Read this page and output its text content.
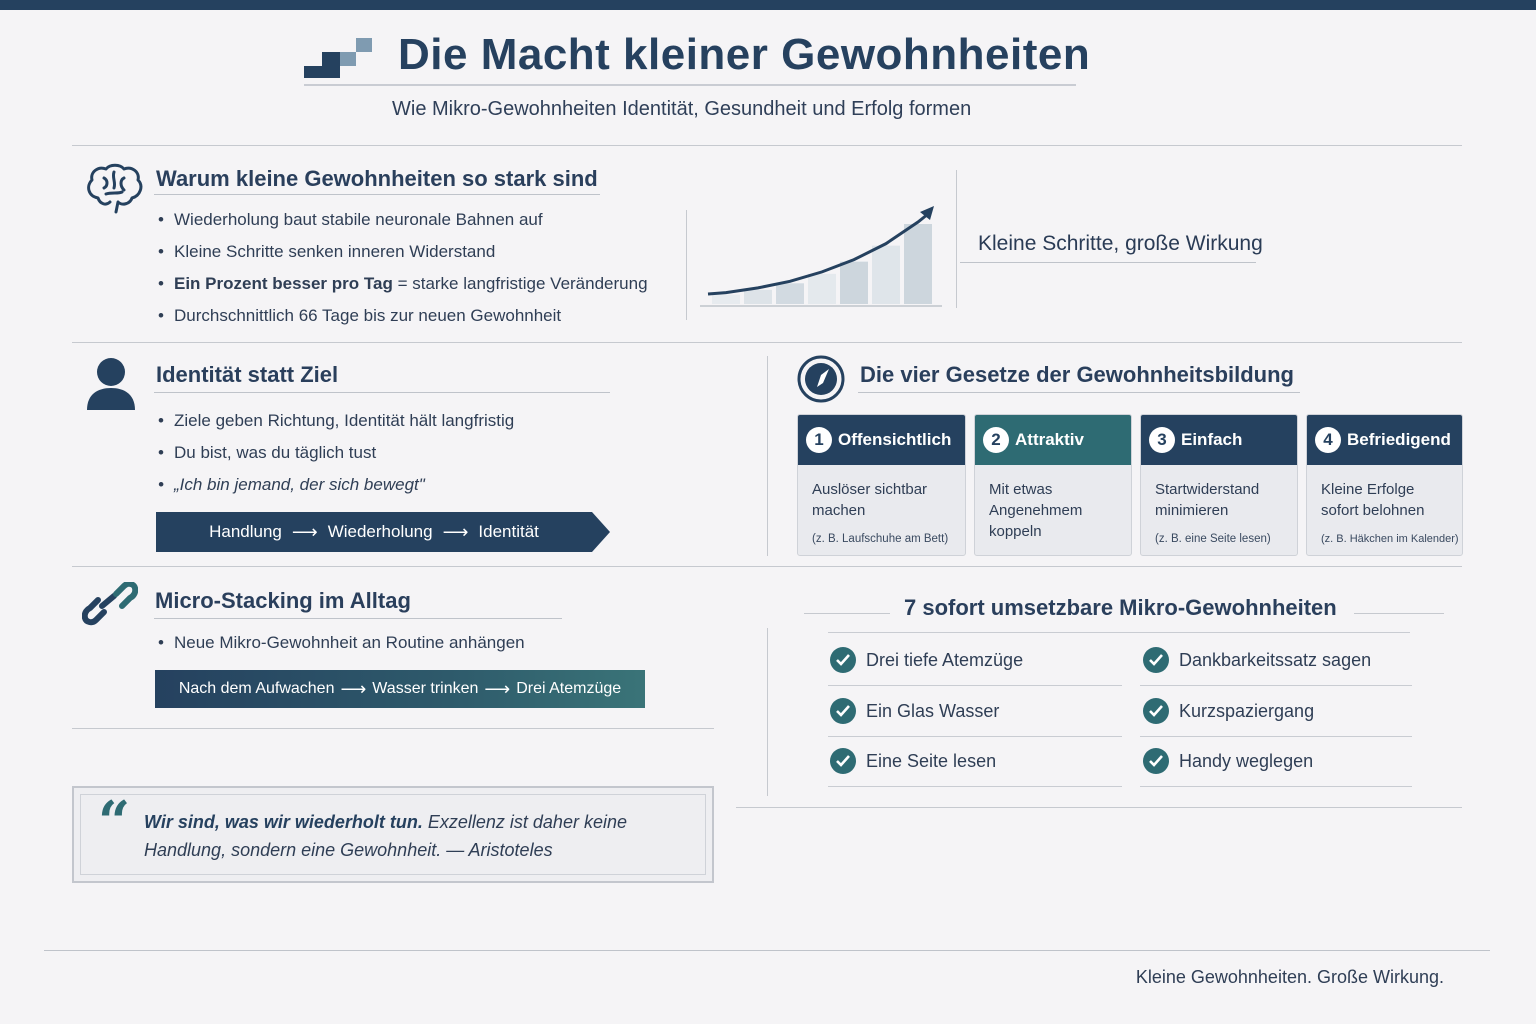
Die Macht kleiner Gewohnheiten
Wie Mikro-Gewohnheiten Identität, Gesundheit und Erfolg formen
Warum kleine Gewohnheiten so stark sind
• Wiederholung baut stabile neuronale Bahnen auf
• Kleine Schritte senken inneren Widerstand
• Ein Prozent besser pro Tag = starke langfristige Veränderung
• Durchschnittlich 66 Tage bis zur neuen Gewohnheit
Kleine Schritte, große Wirkung
Identität statt Ziel
• Ziele geben Richtung, Identität hält langfristig
• Du bist, was du täglich tust
• „Ich bin jemand, der sich bewegt"
Handlung ⟶ Wiederholung ⟶ Identität
Die vier Gesetze der Gewohnheitsbildung
1 Offensichtlich
Auslöser sichtbar machen
(z. B. Laufschuhe am Bett)
2 Attraktiv
Mit etwas Angenehmem koppeln
3 Einfach
Startwiderstand minimieren
(z. B. eine Seite lesen)
4 Befriedigend
Kleine Erfolge sofort belohnen
(z. B. Häkchen im Kalender)
Micro-Stacking im Alltag
• Neue Mikro-Gewohnheit an Routine anhängen
Nach dem Aufwachen ⟶ Wasser trinken ⟶ Drei Atemzüge
7 sofort umsetzbare Mikro-Gewohnheiten
Drei tiefe Atemzüge
Ein Glas Wasser
Eine Seite lesen
Dankbarkeitssatz sagen
Kurzspaziergang
Handy weglegen
“ Wir sind, was wir wiederholt tun. Exzellenz ist daher keine Handlung, sondern eine Gewohnheit. — Aristoteles
Kleine Gewohnheiten. Große Wirkung.
